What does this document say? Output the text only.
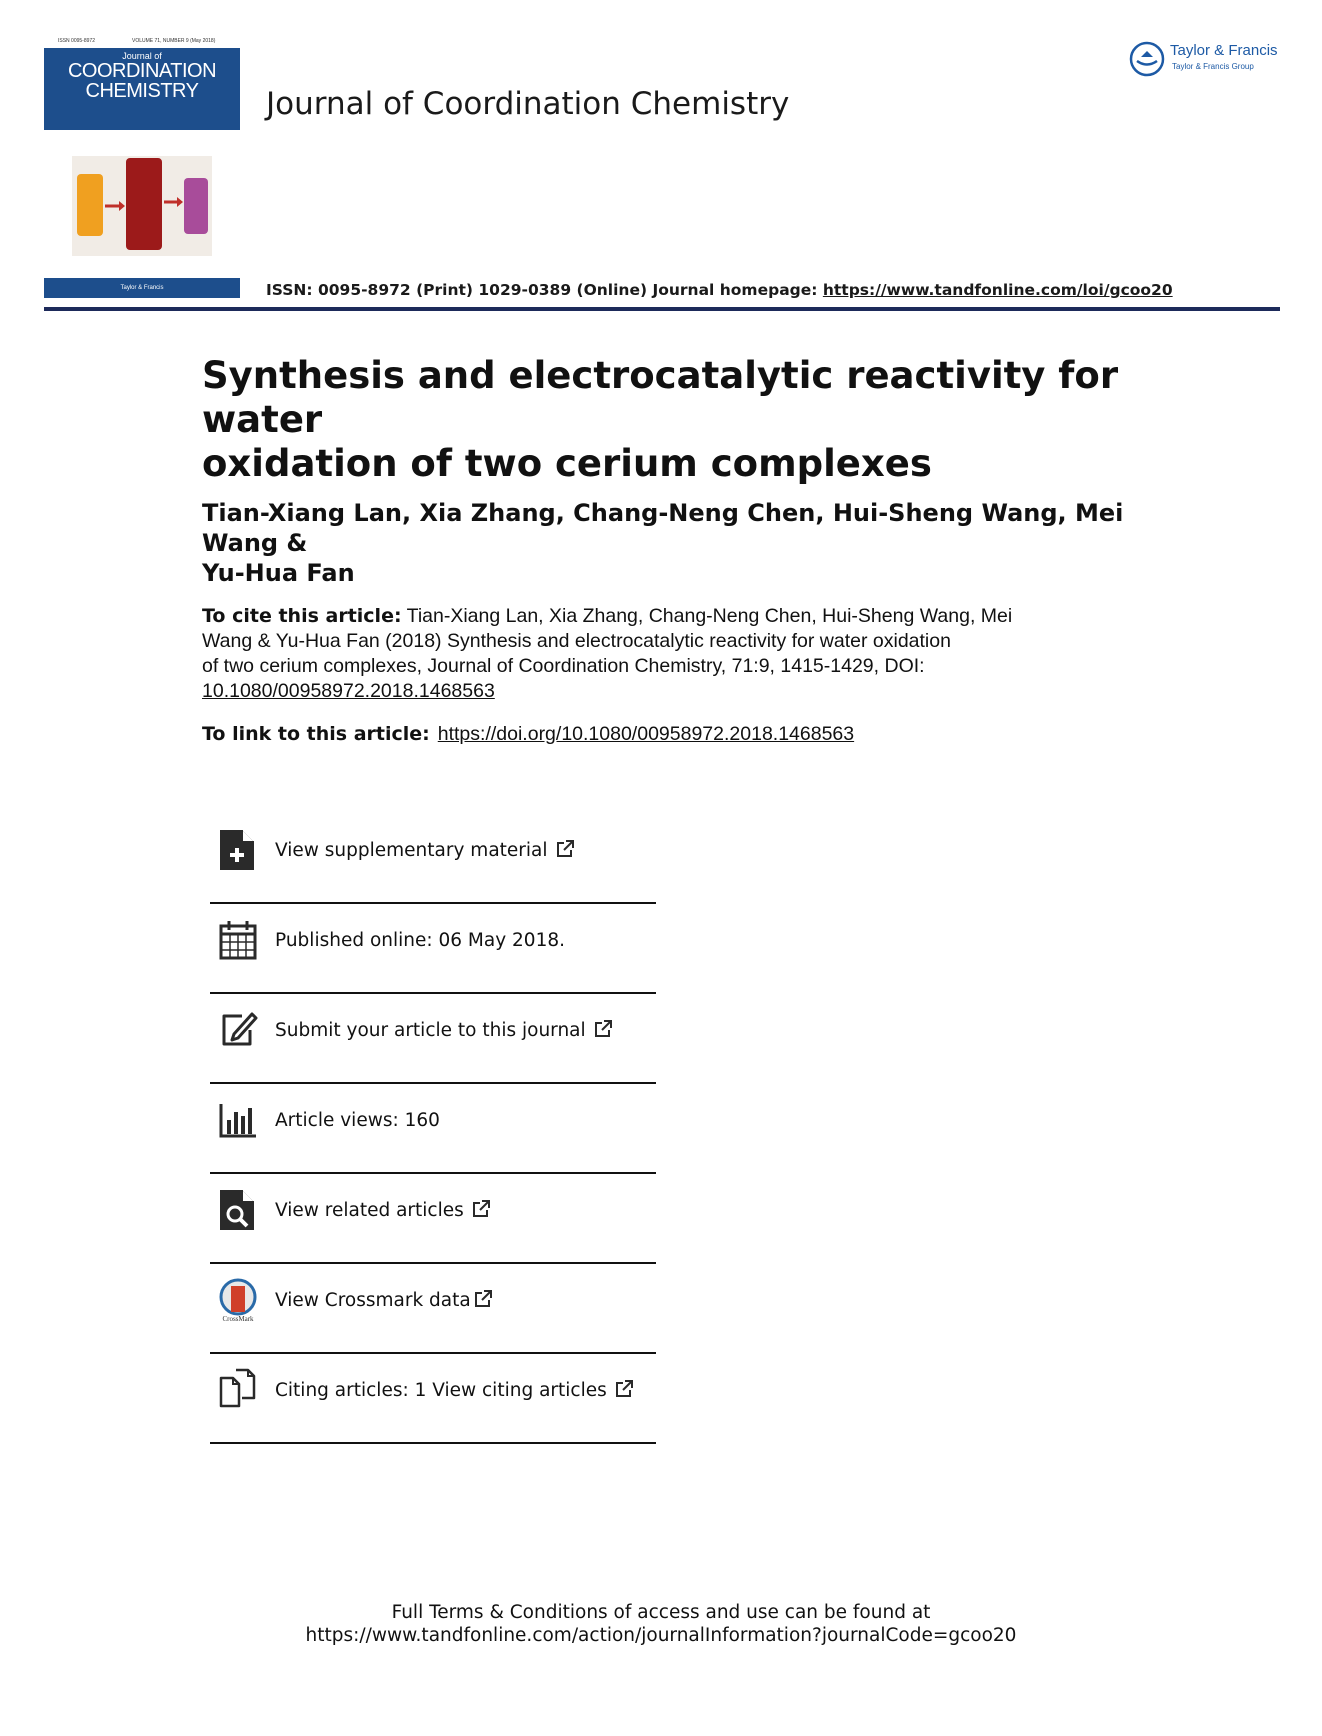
ISSN 0095-8972	VOLUME 71, NUMBER 9 (May 2018)
Journal of
COORDINATION
CHEMISTRY
Taylor & Francis
Journal of Coordination Chemistry
Taylor & Francis
Taylor & Francis Group
ISSN: 0095-8972 (Print) 1029-0389 (Online) Journal homepage: https://www.tandfonline.com/loi/gcoo20
Synthesis and electrocatalytic reactivity for water
oxidation of two cerium complexes
Tian-Xiang Lan, Xia Zhang, Chang-Neng Chen, Hui-Sheng Wang, Mei Wang &
Yu-Hua Fan
To cite this article: Tian-Xiang Lan, Xia Zhang, Chang-Neng Chen, Hui-Sheng Wang, Mei
Wang & Yu-Hua Fan (2018) Synthesis and electrocatalytic reactivity for water oxidation
of two cerium complexes, Journal of Coordination Chemistry, 71:9, 1415-1429, DOI:
10.1080/00958972.2018.1468563
To link to this article: https://doi.org/10.1080/00958972.2018.1468563
View supplementary material
Published online: 06 May 2018.
Submit your article to this journal
Article views: 160
View related articles
CrossMark
View Crossmark data
Citing articles: 1 View citing articles
Full Terms & Conditions of access and use can be found at
https://www.tandfonline.com/action/journalInformation?journalCode=gcoo20
